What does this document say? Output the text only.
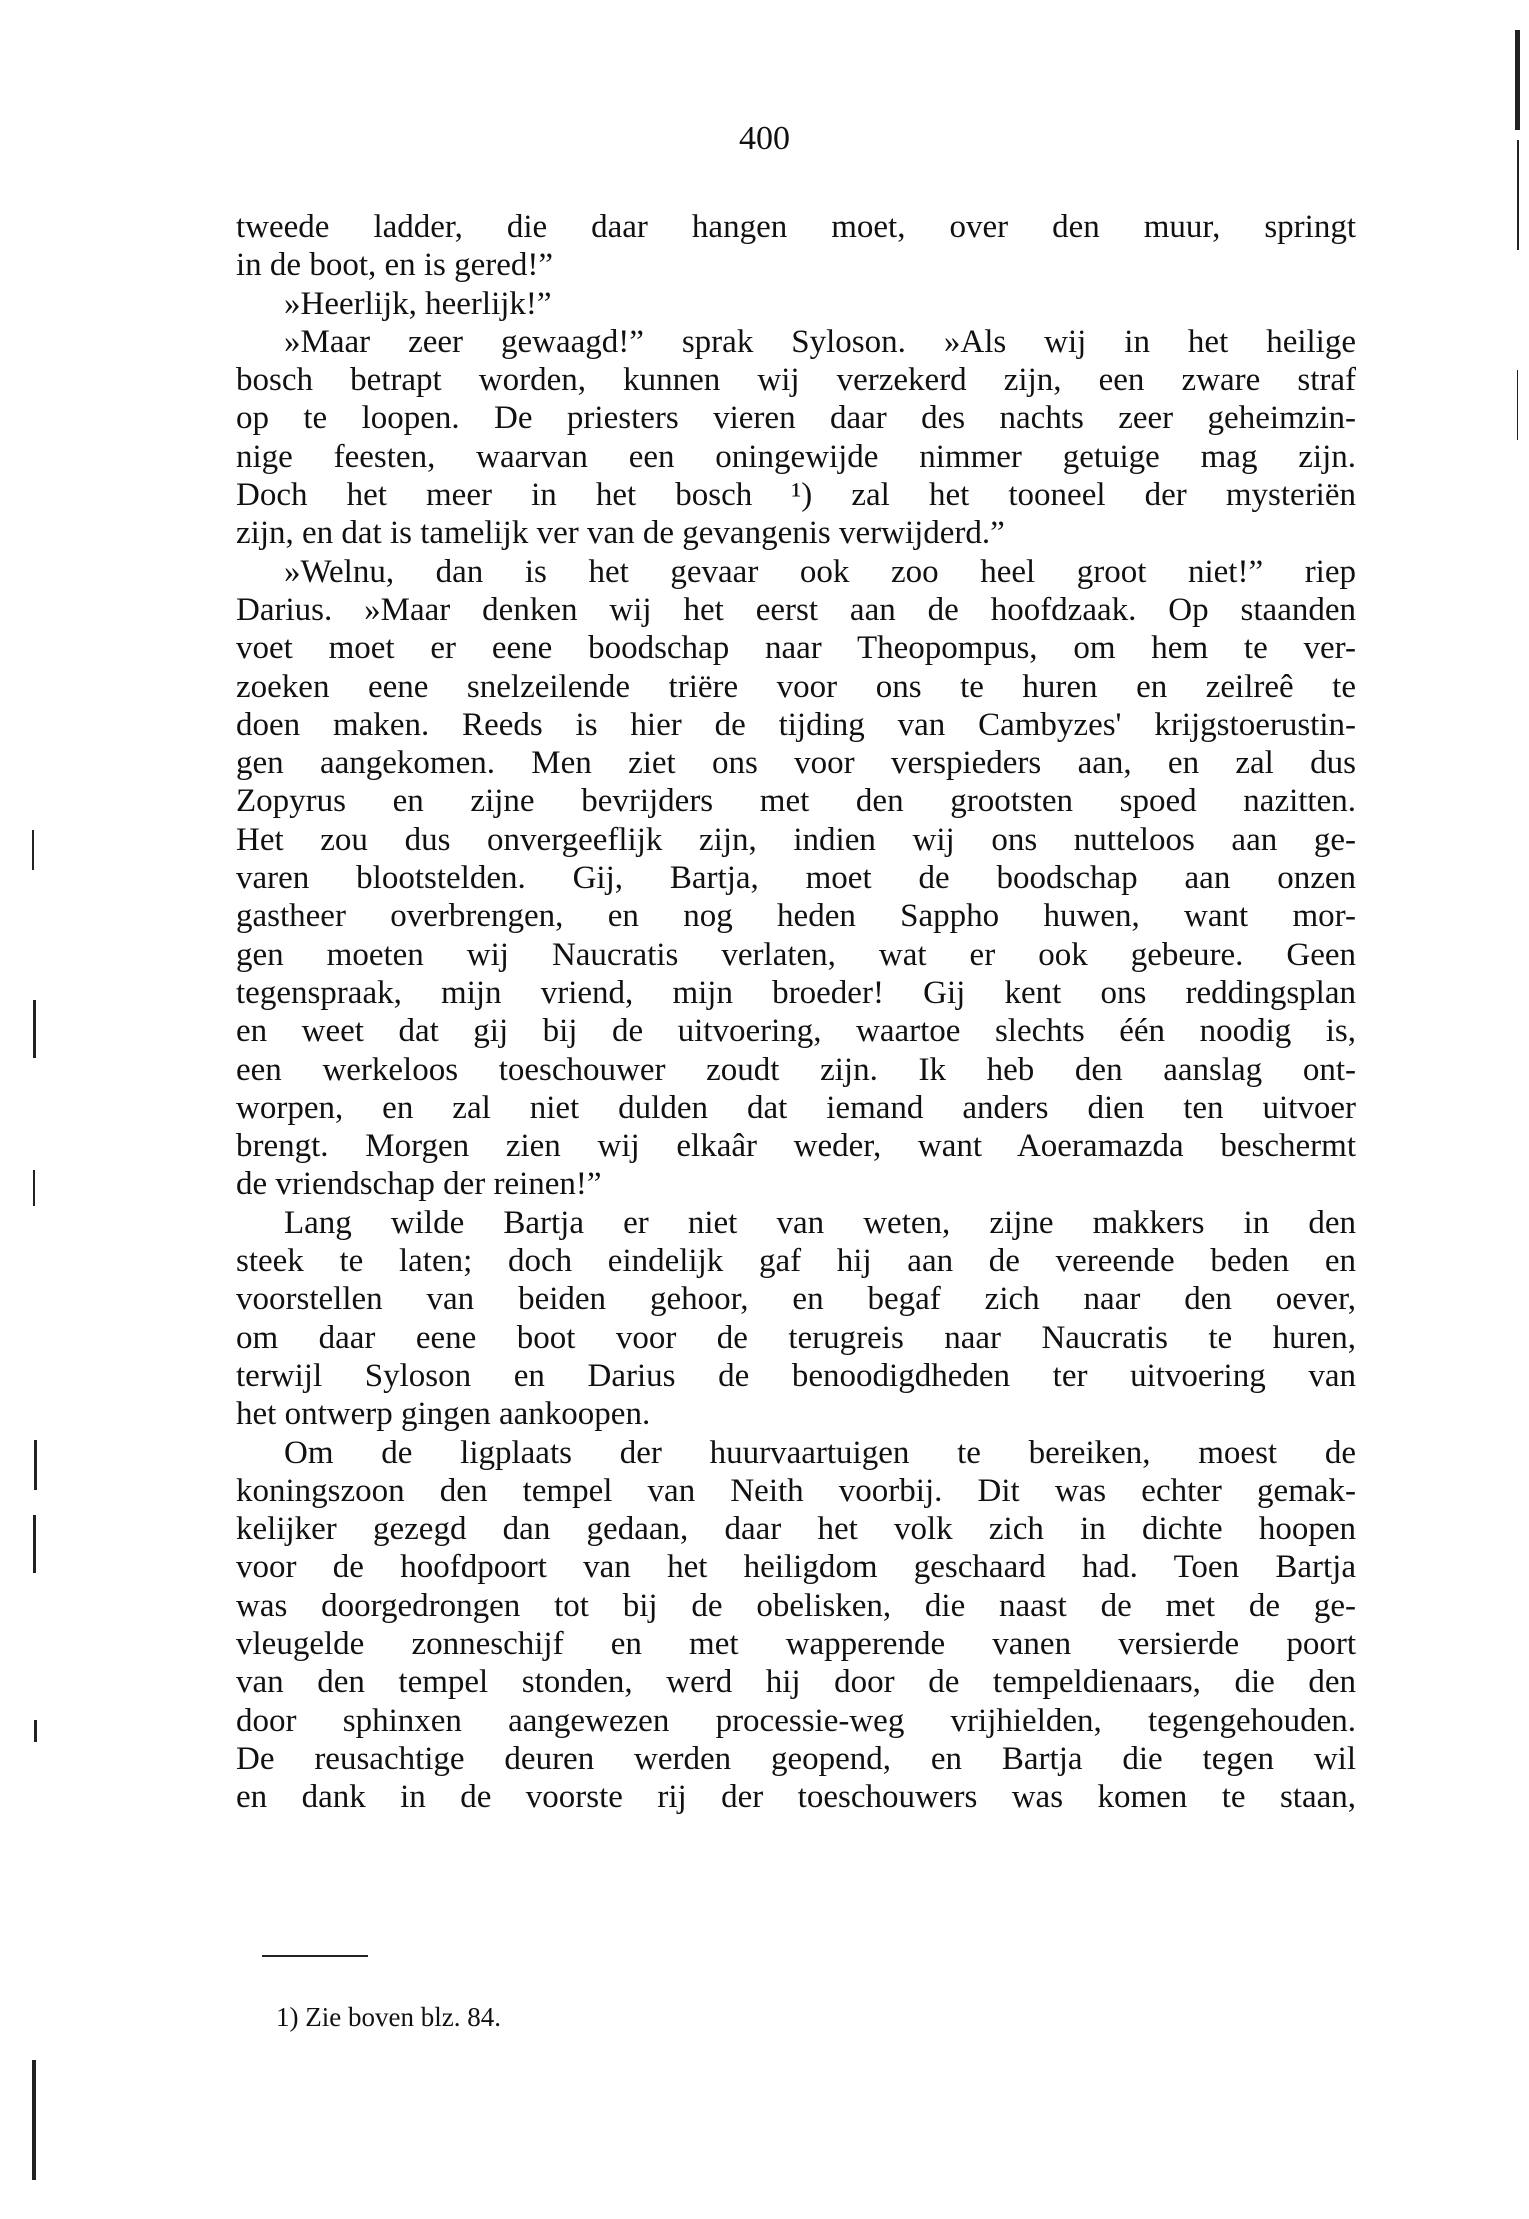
400
tweede ladder, die daar hangen moet, over den muur, springt
in de boot, en is gered!”
»Heerlijk, heerlijk!”
»Maar zeer gewaagd!” sprak Syloson. »Als wij in het heilige
bosch betrapt worden, kunnen wij verzekerd zijn, een zware straf
op te loopen. De priesters vieren daar des nachts zeer geheimzin-
nige feesten, waarvan een oningewijde nimmer getuige mag zijn.
Doch het meer in het bosch ¹) zal het tooneel der mysteriën
zijn, en dat is tamelijk ver van de gevangenis verwijderd.”
»Welnu, dan is het gevaar ook zoo heel groot niet!” riep
Darius. »Maar denken wij het eerst aan de hoofdzaak. Op staanden
voet moet er eene boodschap naar Theopompus, om hem te ver-
zoeken eene snelzeilende triëre voor ons te huren en zeilreê te
doen maken. Reeds is hier de tijding van Cambyzes' krijgstoerustin-
gen aangekomen. Men ziet ons voor verspieders aan, en zal dus
Zopyrus en zijne bevrijders met den grootsten spoed nazitten.
Het zou dus onvergeeflijk zijn, indien wij ons nutteloos aan ge-
varen blootstelden. Gij, Bartja, moet de boodschap aan onzen
gastheer overbrengen, en nog heden Sappho huwen, want mor-
gen moeten wij Naucratis verlaten, wat er ook gebeure. Geen
tegenspraak, mijn vriend, mijn broeder! Gij kent ons reddingsplan
en weet dat gij bij de uitvoering, waartoe slechts één noodig is,
een werkeloos toeschouwer zoudt zijn. Ik heb den aanslag ont-
worpen, en zal niet dulden dat iemand anders dien ten uitvoer
brengt. Morgen zien wij elkaâr weder, want Aoeramazda beschermt
de vriendschap der reinen!”
Lang wilde Bartja er niet van weten, zijne makkers in den
steek te laten; doch eindelijk gaf hij aan de vereende beden en
voorstellen van beiden gehoor, en begaf zich naar den oever,
om daar eene boot voor de terugreis naar Naucratis te huren,
terwijl Syloson en Darius de benoodigdheden ter uitvoering van
het ontwerp gingen aankoopen.
Om de ligplaats der huurvaartuigen te bereiken, moest de
koningszoon den tempel van Neith voorbij. Dit was echter gemak-
kelijker gezegd dan gedaan, daar het volk zich in dichte hoopen
voor de hoofdpoort van het heiligdom geschaard had. Toen Bartja
was doorgedrongen tot bij de obelisken, die naast de met de ge-
vleugelde zonneschijf en met wapperende vanen versierde poort
van den tempel stonden, werd hij door de tempeldienaars, die den
door sphinxen aangewezen processie-weg vrijhielden, tegengehouden.
De reusachtige deuren werden geopend, en Bartja die tegen wil
en dank in de voorste rij der toeschouwers was komen te staan,
1) Zie boven blz. 84.
